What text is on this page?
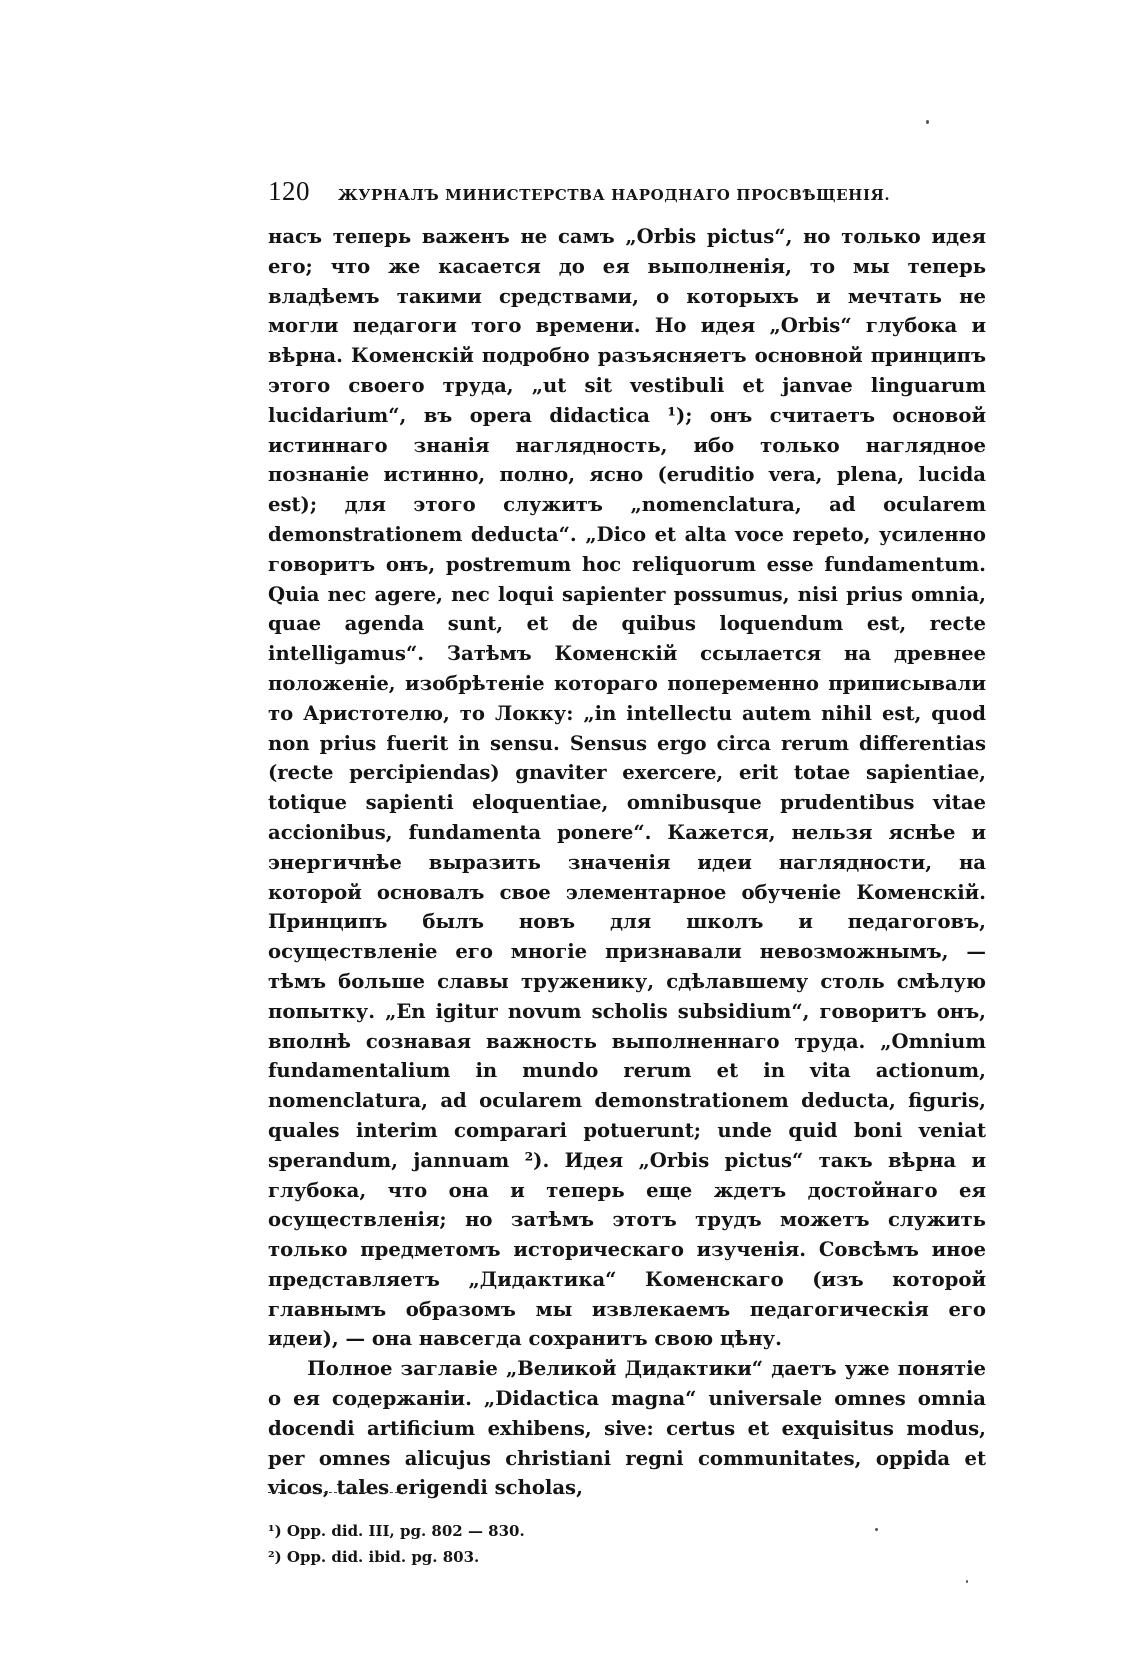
120 ЖУРНАЛЪ МИНИСТЕРСТВА НАРОДНАГО ПРОСВѢЩЕНІЯ.

насъ теперь важенъ не самъ „Orbis pictus“, но только идея его; что же касается до ея выполненія, то мы теперь владѣемъ такими средствами, о которыхъ и мечтать не могли педагоги того времени. Но идея „Orbis“ глубока и вѣрна. Коменскій подробно разъясняетъ основной принципъ этого своего труда, „ut sit vestibuli et janvae linguarum lucidarium“, въ opera didactica ¹); онъ считаетъ основой истиннаго знанія наглядность, ибо только наглядное познаніе истинно, полно, ясно (eruditio vera, plena, lucida est); для этого служитъ „nomenclatura, ad ocularem demonstrationem deducta“. „Dico et alta voce repeto, усиленно говоритъ онъ, postremum hoc reliquorum esse fundamentum. Quia nec agere, nec loqui sapienter possumus, nisi prius omnia, quae agenda sunt, et de quibus loquendum est, recte intelligamus“. Затѣмъ Коменскій ссылается на древнее положеніе, изобрѣтеніе котораго попеременно приписывали то Аристотелю, то Локку: „in intellectu autem nihil est, quod non prius fuerit in sensu. Sensus ergo circa rerum differentias (recte percipiendas) gnaviter exercere, erit totae sapientiae, totique sapienti eloquentiae, omnibusque prudentibus vitae accionibus, fundamenta ponere“. Кажется, нельзя яснѣе и энергичнѣе выразить значенія идеи наглядности, на которой основалъ свое элементарное обученіе Коменскій. Принципъ былъ новъ для школъ и педагоговъ, осуществленіе его многіе признавали невозможнымъ, — тѣмъ больше славы труженику, сдѣлавшему столь смѣлую попытку. „En igitur novum scholis subsidium“, говоритъ онъ, вполнѣ сознавая важность выполненнаго труда. „Omnium fundamentalium in mundo rerum et in vita actionum, nomenclatura, ad ocularem demonstrationem deducta, figuris, quales interim comparari potuerunt; unde quid boni veniat sperandum, jannuam ²). Идея „Orbis pictus“ такъ вѣрна и глубока, что она и теперь еще ждетъ достойнаго ея осуществленія; но затѣмъ этотъ трудъ можетъ служить только предметомъ историческаго изученія. Совсѣмъ иное представляетъ „Дидактика“ Коменскаго (изъ которой главнымъ образомъ мы извлекаемъ педагогическія его идеи), — она навсегда сохранитъ свою цѣну.

Полное заглавіе „Великой Дидактики“ даетъ уже понятіе о ея содержаніи. „Didactica magna“ universale omnes omnia docendi artificium exhibens, sive: certus et exquisitus modus, per omnes alicujus christiani regni communitates, oppida et vicos, tales erigendi scholas,

¹) Opp. did. III, pg. 802 — 830.
²) Opp. did. ibid. pg. 803.
